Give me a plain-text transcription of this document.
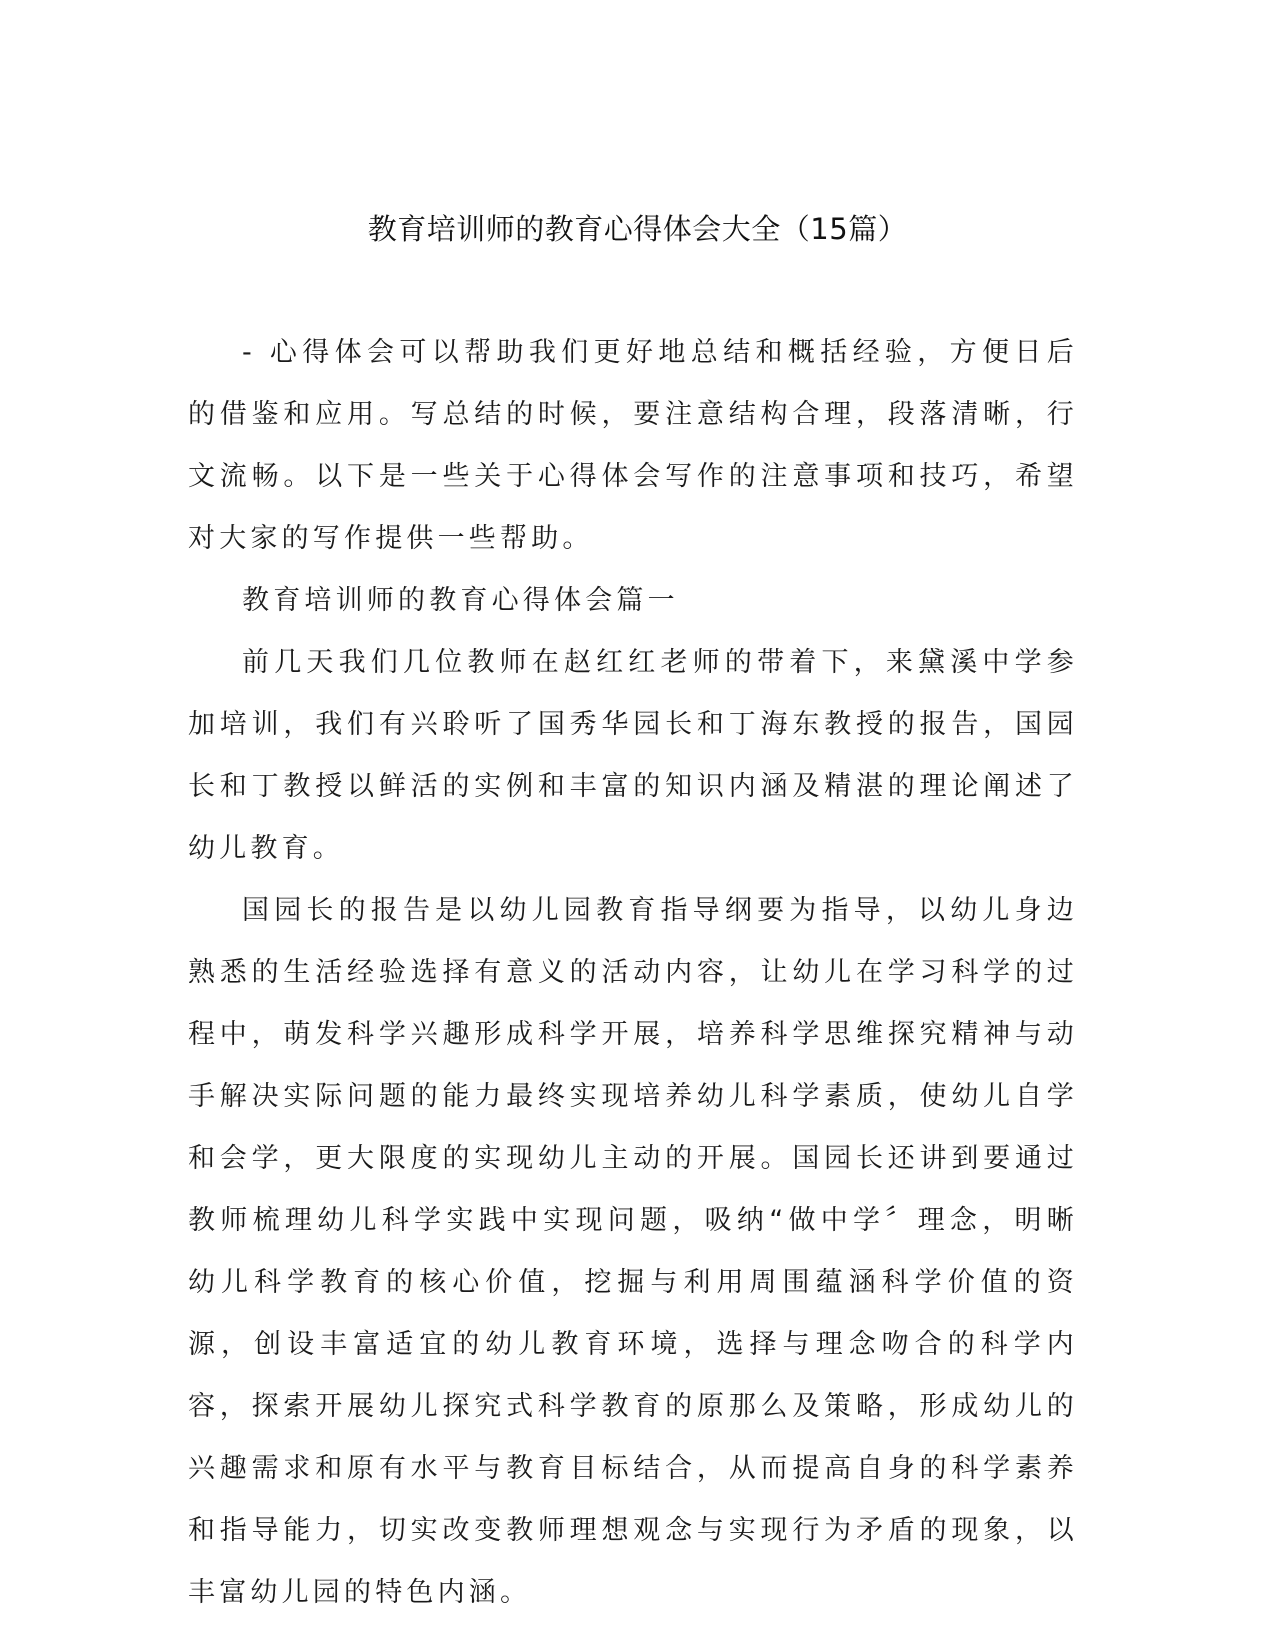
教育培训师的教育心得体会大全（15篇）

- 心得体会可以帮助我们更好地总结和概括经验，方便日后的借鉴和应用。写总结的时候，要注意结构合理，段落清晰，行文流畅。以下是一些关于心得体会写作的注意事项和技巧，希望对大家的写作提供一些帮助。

教育培训师的教育心得体会篇一

前几天我们几位教师在赵红红老师的带着下，来黛溪中学参加培训，我们有兴聆听了国秀华园长和丁海东教授的报告，国园长和丁教授以鲜活的实例和丰富的知识内涵及精湛的理论阐述了幼儿教育。

国园长的报告是以幼儿园教育指导纲要为指导，以幼儿身边熟悉的生活经验选择有意义的活动内容，让幼儿在学习科学的过程中，萌发科学兴趣形成科学开展，培养科学思维探究精神与动手解决实际问题的能力最终实现培养幼儿科学素质，使幼儿自学和会学，更大限度的实现幼儿主动的开展。国园长还讲到要通过教师梳理幼儿科学实践中实现问题，吸纳“做中学〞理念，明晰幼儿科学教育的核心价值，挖掘与利用周围蕴涵科学价值的资源，创设丰富适宜的幼儿教育环境，选择与理念吻合的科学内容，探索开展幼儿探究式科学教育的原那么及策略，形成幼儿的兴趣需求和原有水平与教育目标结合，从而提高自身的科学素养和指导能力，切实改变教师理想观念与实现行为矛盾的现象，以丰富幼儿园的特色内涵。
